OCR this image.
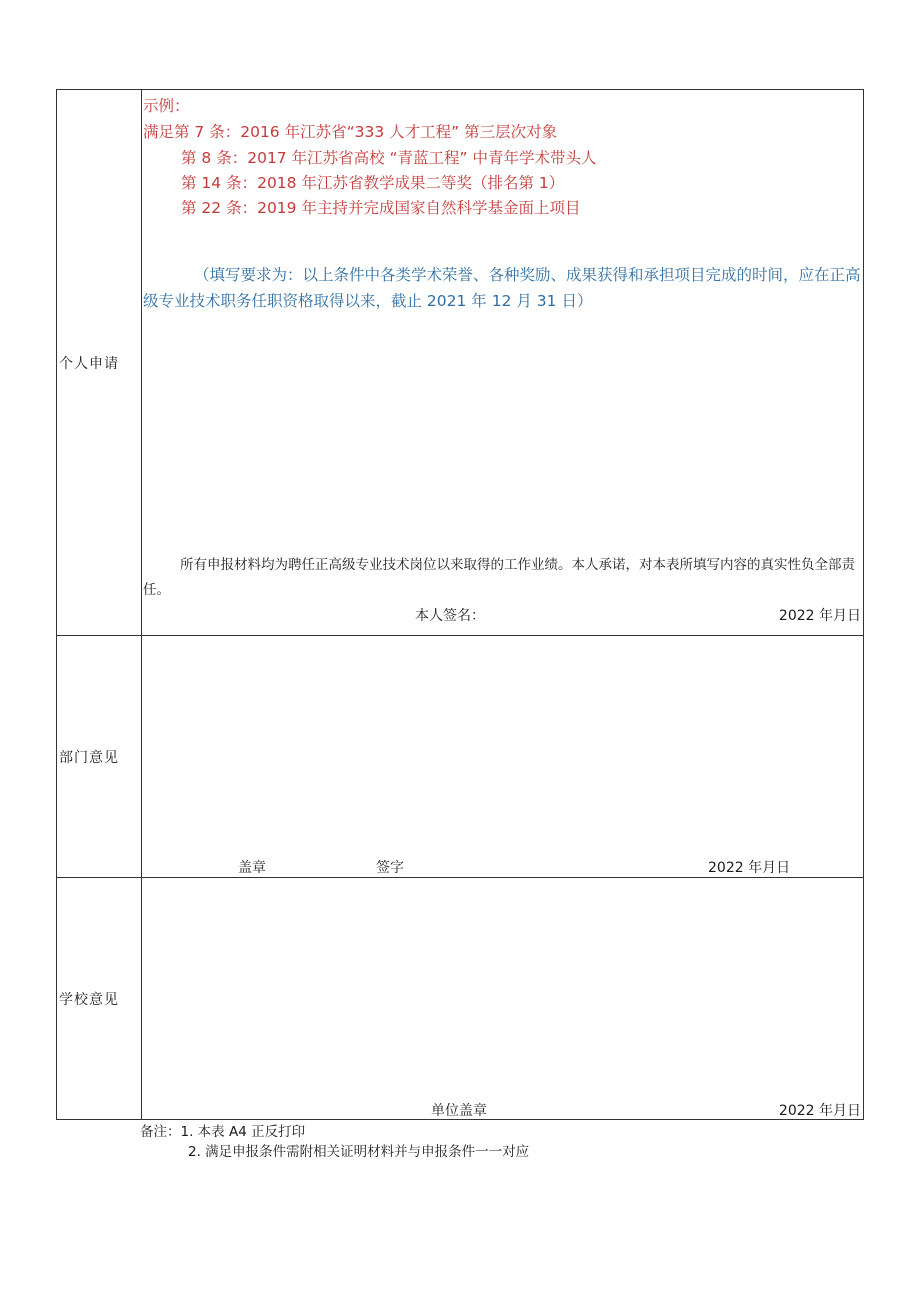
个人申请
示例：
满足第 7 条：2016 年江苏省“333 人才工程” 第三层次对象
第 8 条：2017 年江苏省高校 “青蓝工程” 中青年学术带头人
第 14 条：2018 年江苏省教学成果二等奖（排名第 1）
第 22 条：2019 年主持并完成国家自然科学基金面上项目
（填写要求为：以上条件中各类学术荣誉、各种奖励、成果获得和承担项目完成的时间，应在正高级专业技术职务任职资格取得以来，截止 2021 年 12 月 31 日）
所有申报材料均为聘任正高级专业技术岗位以来取得的工作业绩。本人承诺，对本表所填写内容的真实性负全部责任。
本人签名：	2022 年月日
部门意见
盖章	签字	2022 年月日
学校意见
单位盖章	2022 年月日
备注：1. 本表 A4 正反打印
2. 满足申报条件需附相关证明材料并与申报条件一一对应
